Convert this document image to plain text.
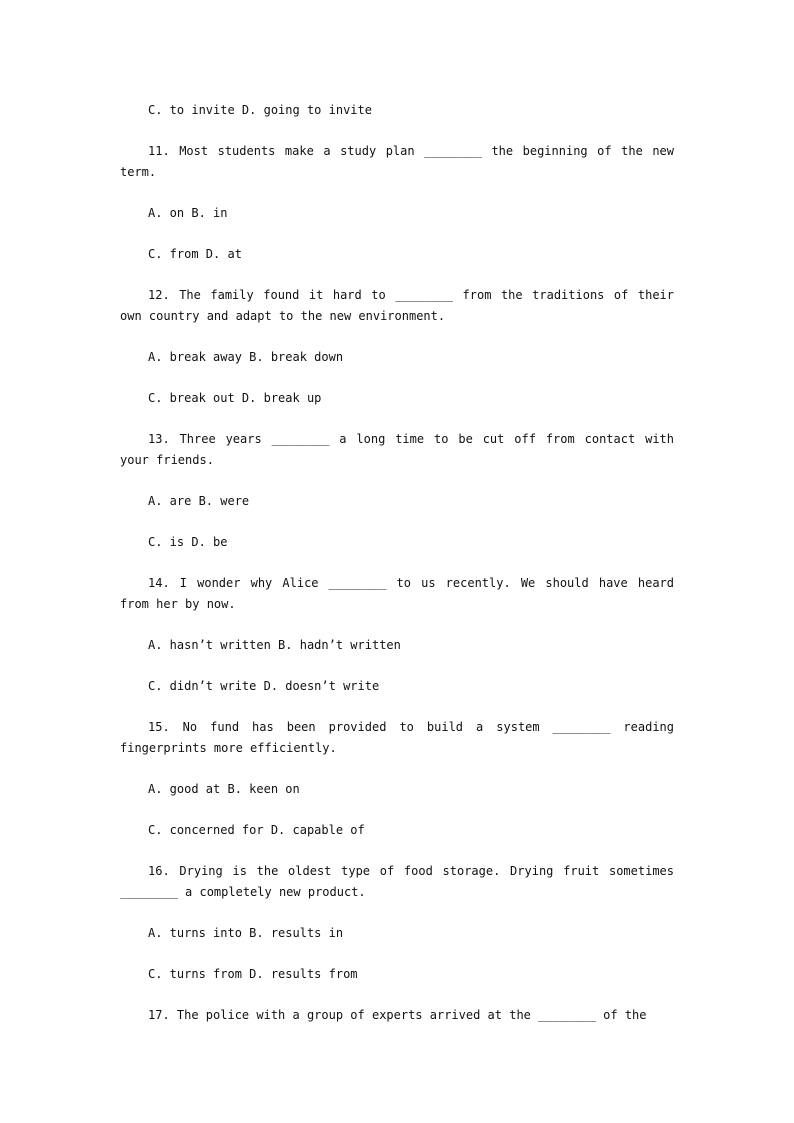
C. to invite D. going to invite

11. Most students make a study plan ________ the beginning of the new term.

A. on B. in

C. from D. at

12. The family found it hard to ________ from the traditions of their own country and adapt to the new environment.

A. break away B. break down

C. break out D. break up

13. Three years ________ a long time to be cut off from contact with your friends.

A. are B. were

C. is D. be

14. I wonder why Alice ________ to us recently. We should have heard from her by now.

A. hasn’t written B. hadn’t written

C. didn’t write D. doesn’t write

15. No fund has been provided to build a system ________ reading fingerprints more efficiently.

A. good at B. keen on

C. concerned for D. capable of

16. Drying is the oldest type of food storage. Drying fruit sometimes ________ a completely new product.

A. turns into B. results in

C. turns from D. results from

17. The police with a group of experts arrived at the ________ of the
